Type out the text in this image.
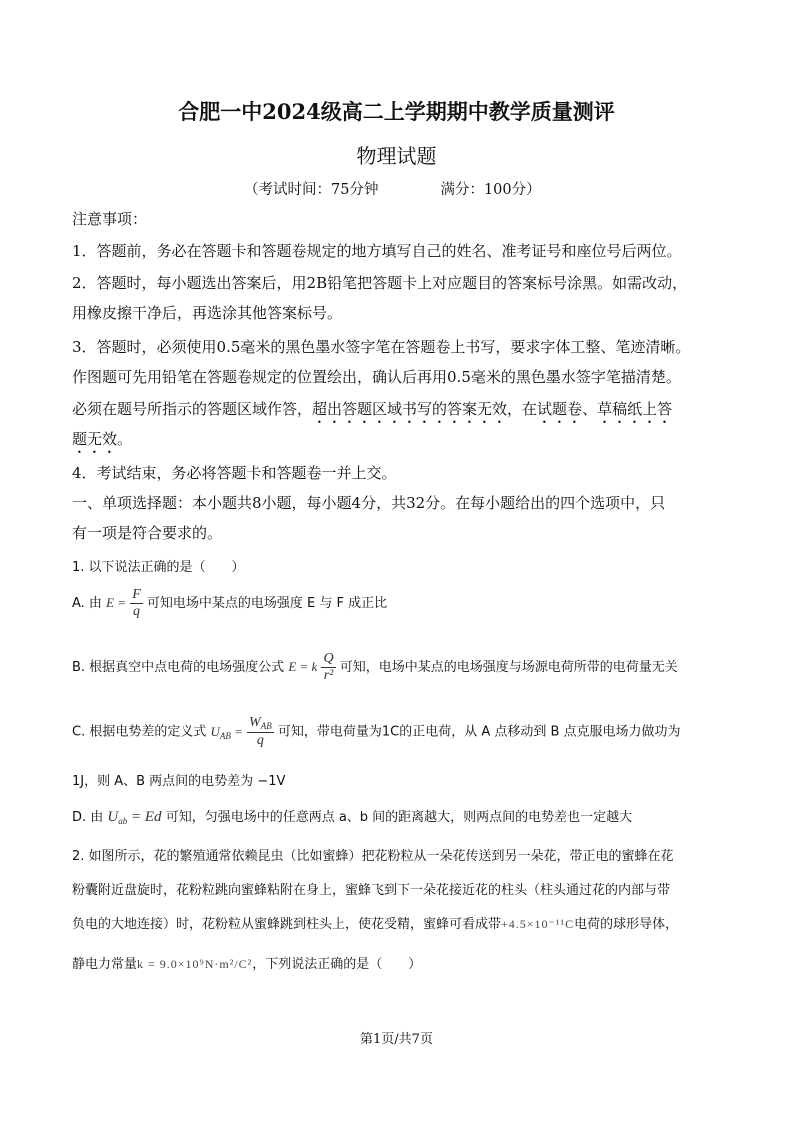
合肥一中2024级高二上学期期中教学质量测评
物理试题
（考试时间：75分钟	满分：100分）
注意事项：
1．答题前，务必在答题卡和答题卷规定的地方填写自己的姓名、准考证号和座位号后两位。
2．答题时，每小题选出答案后，用2B铅笔把答题卡上对应题目的答案标号涂黑。如需改动，
用橡皮擦干净后，再选涂其他答案标号。
3．答题时，必须使用0.5毫米的黑色墨水签字笔在答题卷上书写，要求字体工整、笔迹清晰。
作图题可先用铅笔在答题卷规定的位置绘出，确认后再用0.5毫米的黑色墨水签字笔描清楚。
必须在题号所指示的答题区域作答，超出答题区域书写的答案无效，在试题卷、草稿纸上答
题无效。
4．考试结束，务必将答题卡和答题卷一并上交。
一、单项选择题：本小题共8小题，每小题4分，共32分。在每小题给出的四个选项中，只
有一项是符合要求的。
1. 以下说法正确的是（　　）
A. 由 $E = \frac{F}{q}$ 可知电场中某点的电场强度 E 与 F 成正比
B. 根据真空中点电荷的电场强度公式 E = k $\frac{Q}{\text{r²}}$ 可知，电场中某点的电场强度与场源电荷所带的电荷量无关
C. 根据电势差的定义式 $U_{AB} = \frac{W_{AB}}{q}$ 可知，带电荷量为1C的正电荷，从 A 点移动到 B 点克服电场力做功为
1J，则 A、B 两点间的电势差为 −1V
D. 由 $U_{ab} = Ed$ 可知，匀强电场中的任意两点 a、b 间的距离越大，则两点间的电势差也一定越大
2. 如图所示，花的繁殖通常依赖昆虫（比如蜜蜂）把花粉粒从一朵花传送到另一朵花，带正电的蜜蜂在花
粉囊附近盘旋时，花粉粒跳向蜜蜂粘附在身上，蜜蜂飞到下一朵花接近花的柱头（柱头通过花的内部与带
负电的大地连接）时，花粉粒从蜜蜂跳到柱头上，使花受精，蜜蜂可看成带+4.5×10⁻¹¹C电荷的球形导体，
静电力常量k = 9.0×10⁹N·m²/C²，下列说法正确的是（　　）
第1页/共7页
